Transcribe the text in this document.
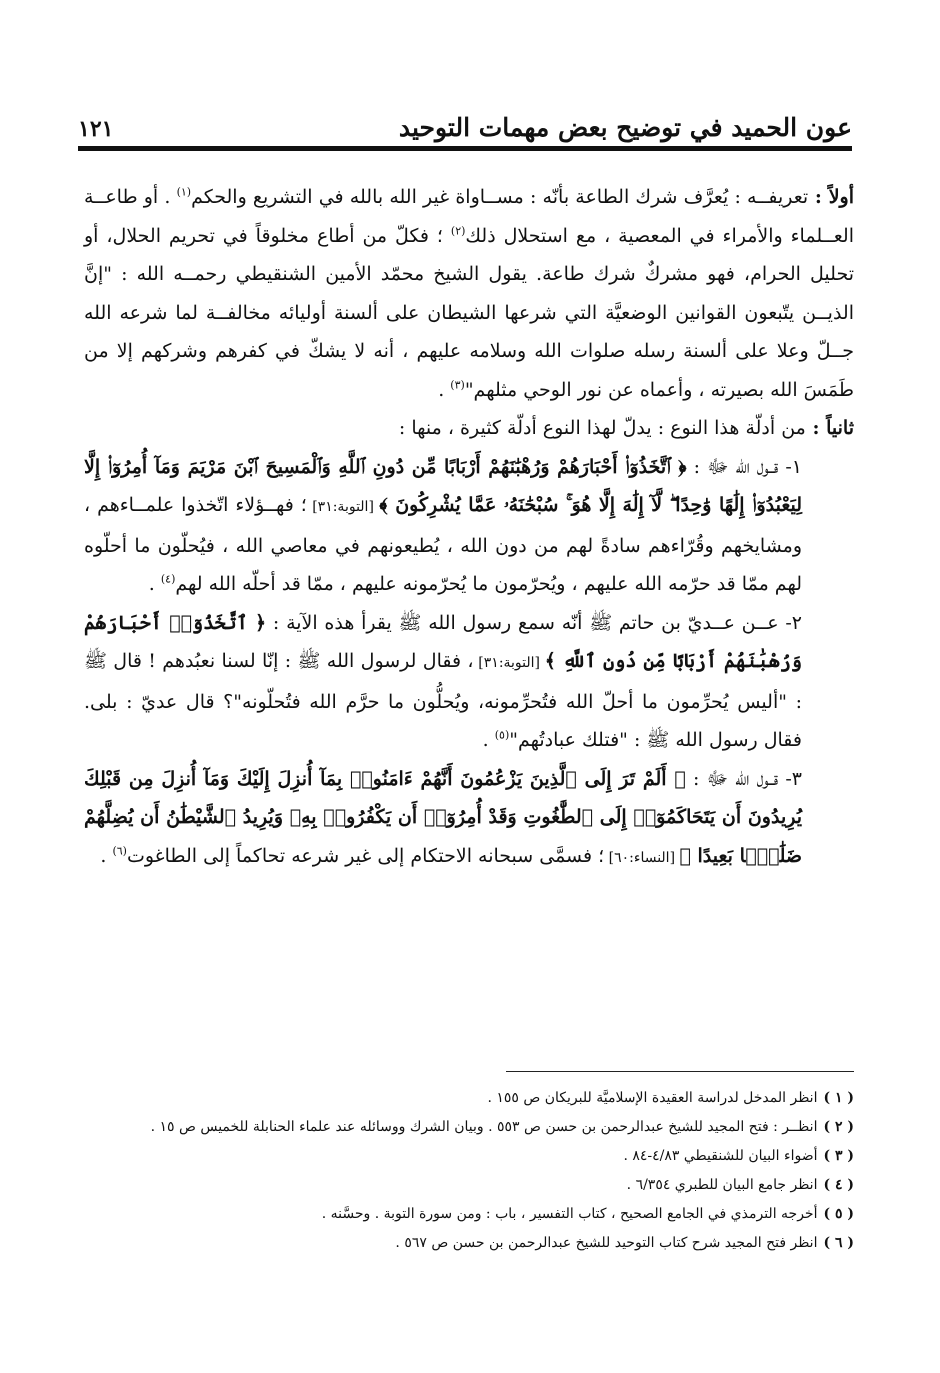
عون الحميد في توضيح بعض مهمات التوحيد
١٢١

أولاً : تعريفــه : يُعرَّف شرك الطاعة بأنّه : مســاواة غير الله بالله في التشريع والحكم$^{(١)}$ . أو طاعــة العــلماء والأمراء في المعصية ، مع استحلال ذلك$^{(٢)}$ ؛ فكلّ من أطاع مخلوقاً في تحريم الحلال، أو تحليل الحرام، فهو مشركٌ شرك طاعة. يقول الشيخ محمّد الأمين الشنقيطي رحمــه الله : "إنَّ الذيــن يتّبعون القوانين الوضعيَّة التي شرعها الشيطان على ألسنة أوليائه مخالفــة لما شرعه الله جــلّ وعلا على ألسنة رسله صلوات الله وسلامه عليهم ، أنه لا يشكّ في كفرهم وشركهم إلا من طَمَسَ الله بصيرته ، وأعماه عن نور الوحي مثلهم"$^{(٣)}$ .

ثانياً : من أدلّة هذا النوع : يدلّ لهذا النوع أدلّة كثيرة ، منها :

١- قــول الله ﷻ : ﴿ ٱتَّخَذُوٓا۟ أَحْبَارَهُمْ وَرُهْبَٰنَهُمْ أَرْبَابًا مِّن دُونِ ٱللَّهِ وَٱلْمَسِيحَ ٱبْنَ مَرْيَمَ وَمَآ أُمِرُوٓا۟ إِلَّا لِيَعْبُدُوٓا۟ إِلَٰهًا وَٰحِدًا ۖ لَّآ إِلَٰهَ إِلَّا هُوَ ۚ سُبْحَٰنَهُۥ عَمَّا يُشْرِكُونَ ﴾ [التوبة:٣١] ؛ فهــؤلاء اتّخذوا علمــاءهم ، ومشايخهم وقُرّاءهم سادةً لهم من دون الله ، يُطيعونهم في معاصي الله ، فيُحلّون ما أحلّوه لهم ممّا قد حرّمه الله عليهم ، ويُحرّمون ما يُحرّمونه عليهم ، ممّا قد أحلّه الله لهم$^{(٤)}$ .

٢- عــن عــديّ بن حاتم ﷺ أنّه سمع رسول الله ﷺ يقرأ هذه الآية : ﴿ ٱتَّخَذُوٓا۟ أَحْبَارَهُمْ وَرُهْبَٰنَهُمْ أَرْبَابًا مِّن دُونِ ٱللَّهِ ﴾ [التوبة:٣١] ، فقال لرسول الله ﷺ : إنّا لسنا نعبُدهم ! قال ﷺ : "أليس يُحرِّمون ما أحلّ الله فتُحرِّمونه، ويُحلُّون ما حرَّم الله فتُحلّونه"؟ قال عديّ : بلى. فقال رسول الله ﷺ : "فتلك عبادتُهم"$^{(٥)}$ .

٣- قــول الله ﷻ : ﴿ أَلَمْ تَرَ إِلَى ٱلَّذِينَ يَزْعُمُونَ أَنَّهُمْ ءَامَنُوا۟ بِمَآ أُنزِلَ إِلَيْكَ وَمَآ أُنزِلَ مِن قَبْلِكَ يُرِيدُونَ أَن يَتَحَاكَمُوٓا۟ إِلَى ٱلطَّٰغُوتِ وَقَدْ أُمِرُوٓا۟ أَن يَكْفُرُوا۟ بِهِۦ وَيُرِيدُ ٱلشَّيْطَٰنُ أَن يُضِلَّهُمْ ضَلَٰلًۢا بَعِيدًا ﴾ [النساء:٦٠] ؛ فسمَّى سبحانه الاحتكام إلى غير شرعه تحاكماً إلى الطاغوت$^{(٦)}$ .

( ١ )انظر المدخل لدراسة العقيدة الإسلاميَّة للبريكان ص ١٥٥ .

( ٢ )انظــر : فتح المجيد للشيخ عبدالرحمن بن حسن ص ٥٥٣ . وبيان الشرك ووسائله عند علماء الحنابلة للخميس ص ١٥ .

( ٣ )أضواء البيان للشنقيطي ٤/٨٣-٨٤ .

( ٤ )انظر جامع البيان للطبري ٦/٣٥٤ .

( ٥ )أخرجه الترمذي في الجامع الصحيح ، كتاب التفسير ، باب : ومن سورة التوبة . وحسَّنه .

( ٦ )انظر فتح المجيد شرح كتاب التوحيد للشيخ عبدالرحمن بن حسن ص ٥٦٧ .
